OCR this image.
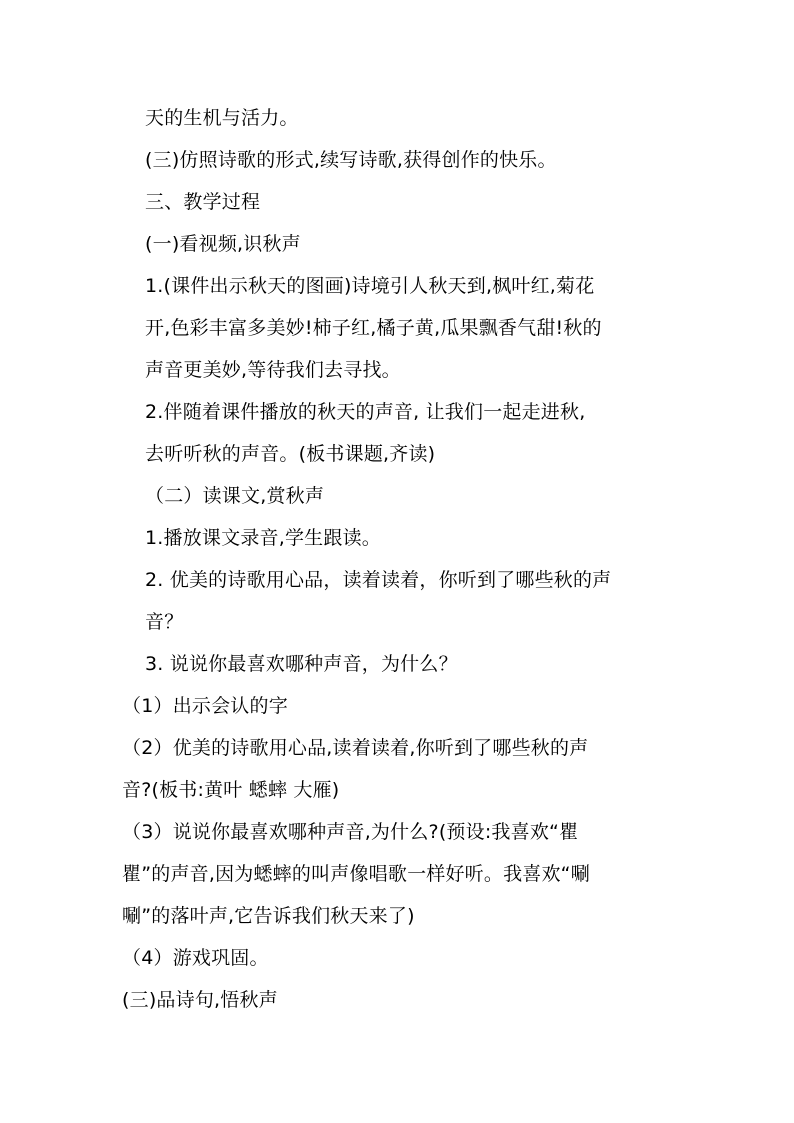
天的生机与活力。
(三)仿照诗歌的形式,续写诗歌,获得创作的快乐。
三、教学过程
(一)看视频,识秋声
1.(课件出示秋天的图画)诗境引人秋天到,枫叶红,菊花
开,色彩丰富多美妙!柿子红,橘子黄,瓜果飘香气甜!秋的
声音更美妙,等待我们去寻找。
2.伴随着课件播放的秋天的声音, 让我们一起走进秋,
去听听秋的声音。(板书课题,齐读)
（二）读课文,赏秋声
1.播放课文录音,学生跟读。
2. 优美的诗歌用心品，读着读着，你听到了哪些秋的声
音？
3. 说说你最喜欢哪种声音，为什么？
（1）出示会认的字
（2）优美的诗歌用心品,读着读着,你听到了哪些秋的声
音?(板书:黄叶 蟋蟀 大雁)
（3）说说你最喜欢哪种声音,为什么?(预设:我喜欢“瞿
瞿”的声音,因为蟋蟀的叫声像唱歌一样好听。我喜欢“唰
唰”的落叶声,它告诉我们秋天来了)
（4）游戏巩固。
(三)品诗句,悟秋声
